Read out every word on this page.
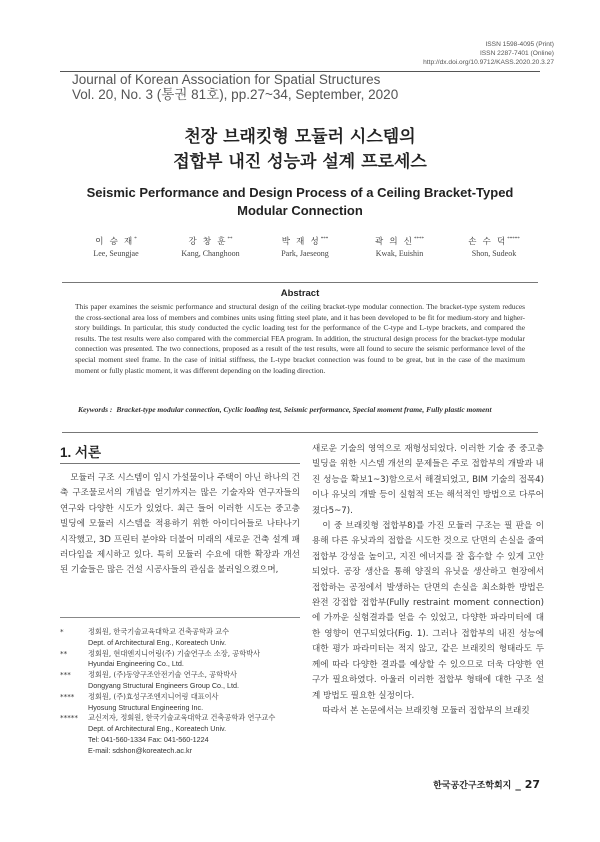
ISSN 1598-4095 (Print)
ISSN 2287-7401 (Online)
http://dx.doi.org/10.9712/KASS.2020.20.3.27
Journal of Korean Association for Spatial Structures
Vol. 20, No. 3 (통권 81호), pp.27~34, September, 2020
천장 브래킷형 모듈러 시스템의
접합부 내진 성능과 설계 프로세스
Seismic Performance and Design Process of a Ceiling Bracket-Typed
Modular Connection
이 승 재*
Lee, Seungjae
강 창 훈**
Kang, Changhoon
박 재 성***
Park, Jaeseong
곽 의 신****
Kwak, Euishin
손 수 덕*****
Shon, Sudeok
Abstract
This paper examines the seismic performance and structural design of the ceiling bracket-type modular connection. The bracket-type system reduces the cross-sectional area loss of members and combines units using fitting steel plate, and it has been developed to be fit for medium-story and higher-story buildings. In particular, this study conducted the cyclic loading test for the performance of the C-type and L-type brackets, and compared the results. The test results were also compared with the commercial FEA program. In addition, the structural design process for the bracket-type modular connection was presented. The two connections, proposed as a result of the test results, were all found to secure the seismic performance level of the special moment steel frame. In the case of initial stiffness, the L-type bracket connection was found to be great, but in the case of the maximum moment or fully plastic moment, it was different depending on the loading direction.
Keywords : Bracket-type modular connection, Cyclic loading test, Seismic performance, Special moment frame, Fully plastic moment
1. 서론

모듈러 구조 시스템이 임시 가설물이나 주택이 아닌 하나의 건축 구조물로서의 개념을 얻기까지는 많은 기술자와 연구자들의 연구와 다양한 시도가 있었다. 최근 들어 이러한 시도는 중고층 빌딩에 모듈러 시스템을 적용하기 위한 아이디어들로 나타나기 시작했고, 3D 프린터 분야와 더불어 미래의 새로운 건축 설계 패러다임을 제시하고 있다. 특히 모듈러 수요에 대한 확장과 개선된 기술들은 많은 건설 시공사들의 관심을 불러일으켰으며,

새로운 기술의 영역으로 재형성되었다. 이러한 기술 중 중고층 빌딩을 위한 시스템 개선의 문제들은 주로 접합부의 개발과 내진 성능을 확보1~3)함으로서 해결되었고, BIM 기술의 접목4)이나 유닛의 개발 등이 실험적 또는 해석적인 방법으로 다루어졌다5~7).

이 중 브래킷형 접합부8)를 가진 모듈러 구조는 필 판을 이용해 다른 유닛과의 접합을 시도한 것으로 단면의 손실을 줄여 접합부 강성을 높이고, 지진 에너지를 잘 흡수할 수 있게 고안되었다. 공장 생산을 통해 양질의 유닛을 생산하고 현장에서 접합하는 공정에서 발생하는 단면의 손실을 최소화한 방법은 완전 강접합 접합부(Fully restraint moment connection)에 가까운 실험결과를 얻을 수 있었고, 다양한 파라미터에 대한 영향이 연구되었다(Fig. 1). 그러나 접합부의 내진 성능에 대한 평가 파라미터는 적지 않고, 같은 브래킷의 형태라도 두께에 따라 다양한 결과를 예상할 수 있으므로 더욱 다양한 연구가 필요하였다. 아울러 이러한 접합부 형태에 대한 구조 설계 방법도 필요한 실정이다.

따라서 본 논문에서는 브래킷형 모듈러 접합부의 브래킷

*	정회원, 한국기술교육대학교 건축공학과 교수
Dept. of Architectural Eng., Koreatech Univ.
**	정회원, 현대엔지니어링(주) 기술연구소 소장, 공학박사
Hyundai Engineering Co., Ltd.
***	정회원, (주)동양구조안전기술 연구소, 공학박사
Dongyang Structural Engineers Group Co., Ltd.
****	정회원, (주)효성구조엔지니어링 대표이사
Hyosung Structural Engineering Inc.
*****	교신저자, 정회원, 한국기술교육대학교 건축공학과 연구교수
Dept. of Architectural Eng., Koreatech Univ.
Tel: 041-560-1334 Fax: 041-560-1224
E-mail: sdshon@koreatech.ac.kr
한국공간구조학회지 _ 27
